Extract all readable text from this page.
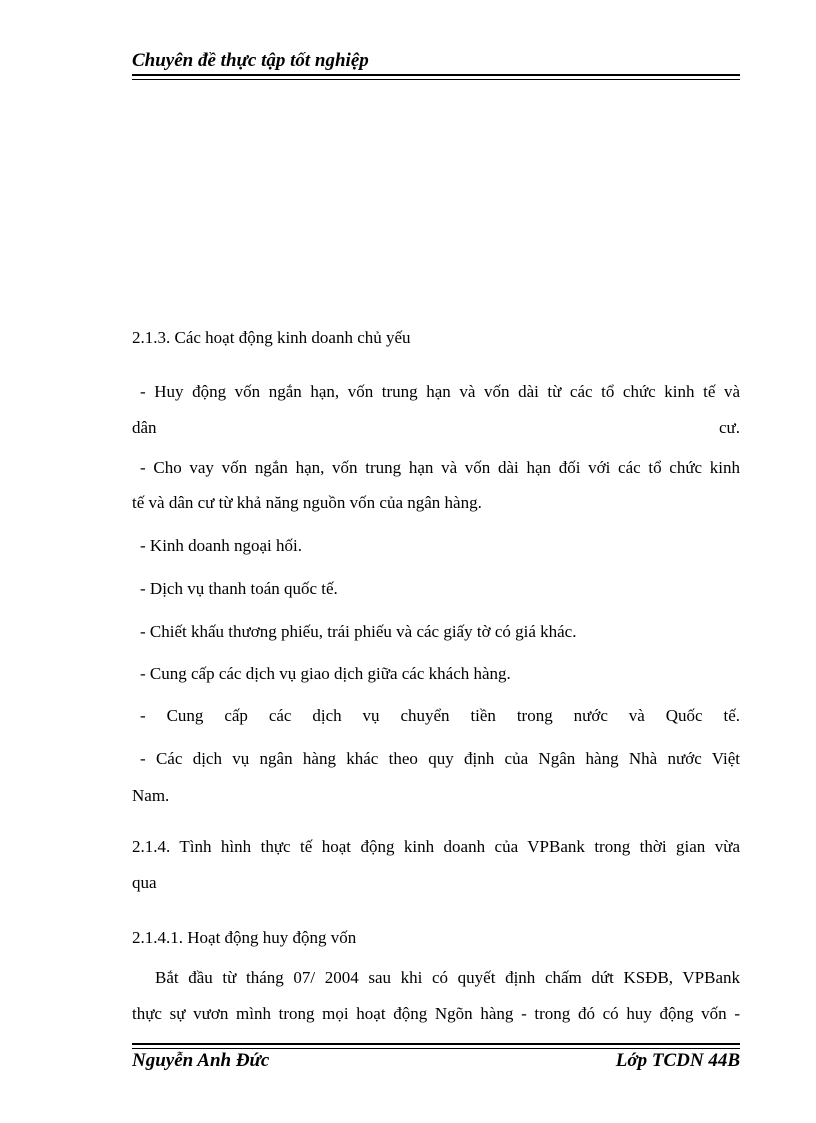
Chuyên đề thực tập tốt nghiệp
2.1.3. Các hoạt động kinh doanh chủ yếu
- Huy động vốn ngắn hạn, vốn trung hạn và vốn dài từ các tổ chức kinh tế và
dân	cư.
- Cho vay vốn ngắn hạn, vốn trung hạn và vốn dài hạn đối với các tổ chức kinh
tế và dân cư từ khả năng nguồn vốn của ngân hàng.
- Kinh doanh ngoại hối.
- Dịch vụ thanh toán quốc tế.
- Chiết khấu thương phiếu, trái phiếu và các giấy tờ có giá khác.
- Cung cấp các dịch vụ giao dịch giữa các khách hàng.
- Cung cấp các dịch vụ chuyển tiền trong nước và Quốc tế.
- Các dịch vụ ngân hàng khác theo quy định của Ngân hàng Nhà nước Việt
Nam.
2.1.4. Tình hình thực tế hoạt động kinh doanh của VPBank trong thời gian vừa
qua
2.1.4.1. Hoạt động huy động vốn
Bắt đầu từ tháng 07/ 2004 sau khi có quyết định chấm dứt KSĐB, VPBank
thực sự vươn mình trong mọi hoạt động Ngõn hàng - trong đó có huy động vốn -
Nguyễn Anh Đức	Lớp TCDN 44B
